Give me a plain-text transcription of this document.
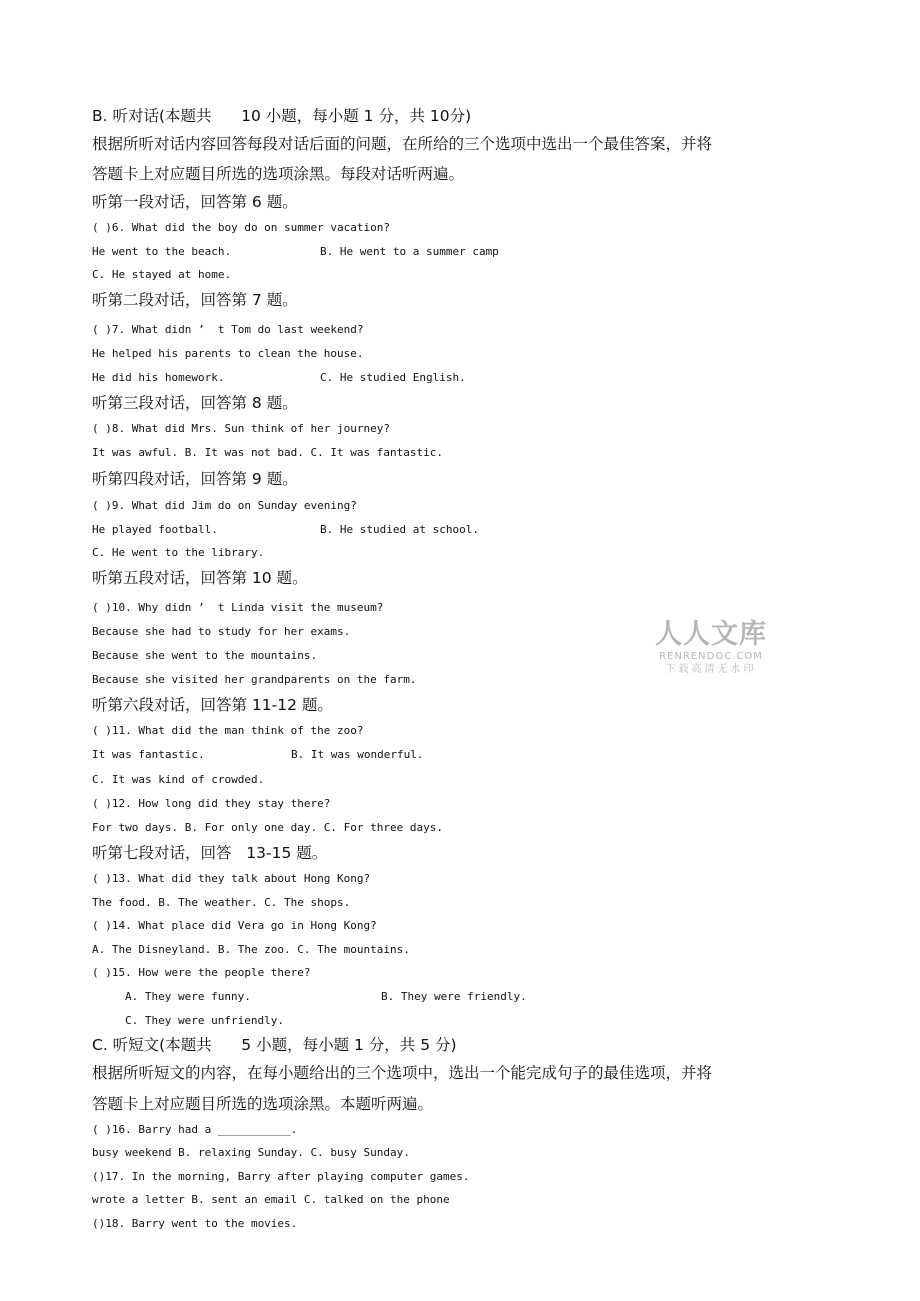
B. 听对话(本题共      10 小题，每小题 1 分，共 10分)
根据所听对话内容回答每段对话后面的问题，在所给的三个选项中选出一个最佳答案，并将
答题卡上对应题目所选的选项涂黑。每段对话听两遍。
听第一段对话，回答第 6 题。
( )6. What did the boy do on summer vacation?
He went to the beach.	B. He went to a summer camp
C. He stayed at home.
听第二段对话，回答第 7 题。
( )7. What didn ’  t Tom do last weekend?
He helped his parents to clean the house.
He did his homework.	C. He studied English.
听第三段对话，回答第 8 题。
( )8. What did Mrs. Sun think of her journey?
It was awful. B. It was not bad. C. It was fantastic.
听第四段对话，回答第 9 题。
( )9. What did Jim do on Sunday evening?
He played football.	B. He studied at school.
C. He went to the library.
听第五段对话，回答第 10 题。
( )10. Why didn ’  t Linda visit the museum?
Because she had to study for her exams.
Because she went to the mountains.
Because she visited her grandparents on the farm.
听第六段对话，回答第 11-12 题。
( )11. What did the man think of the zoo?
It was fantastic.	B. It was wonderful.
C. It was kind of crowded.
( )12. How long did they stay there?
For two days. B. For only one day. C. For three days.
听第七段对话，回答   13-15 题。
( )13. What did they talk about Hong Kong?
The food. B. The weather. C. The shops.
( )14. What place did Vera go in Hong Kong?
A. The Disneyland. B. The zoo. C. The mountains.
( )15. How were the people there?
A. They were funny.	B. They were friendly.
C. They were unfriendly.
C. 听短文(本题共      5 小题，每小题 1 分，共 5 分)
根据所听短文的内容，在每小题给出的三个选项中，选出一个能完成句子的最佳选项，并将
答题卡上对应题目所选的选项涂黑。本题听两遍。
( )16. Barry had a ___________.
busy weekend B. relaxing Sunday. C. busy Sunday.
()17. In the morning, Barry after playing computer games.
wrote a letter B. sent an email C. talked on the phone
()18. Barry went to the movies.
人人文库
RENRENDOC.COM
下载高清无水印
